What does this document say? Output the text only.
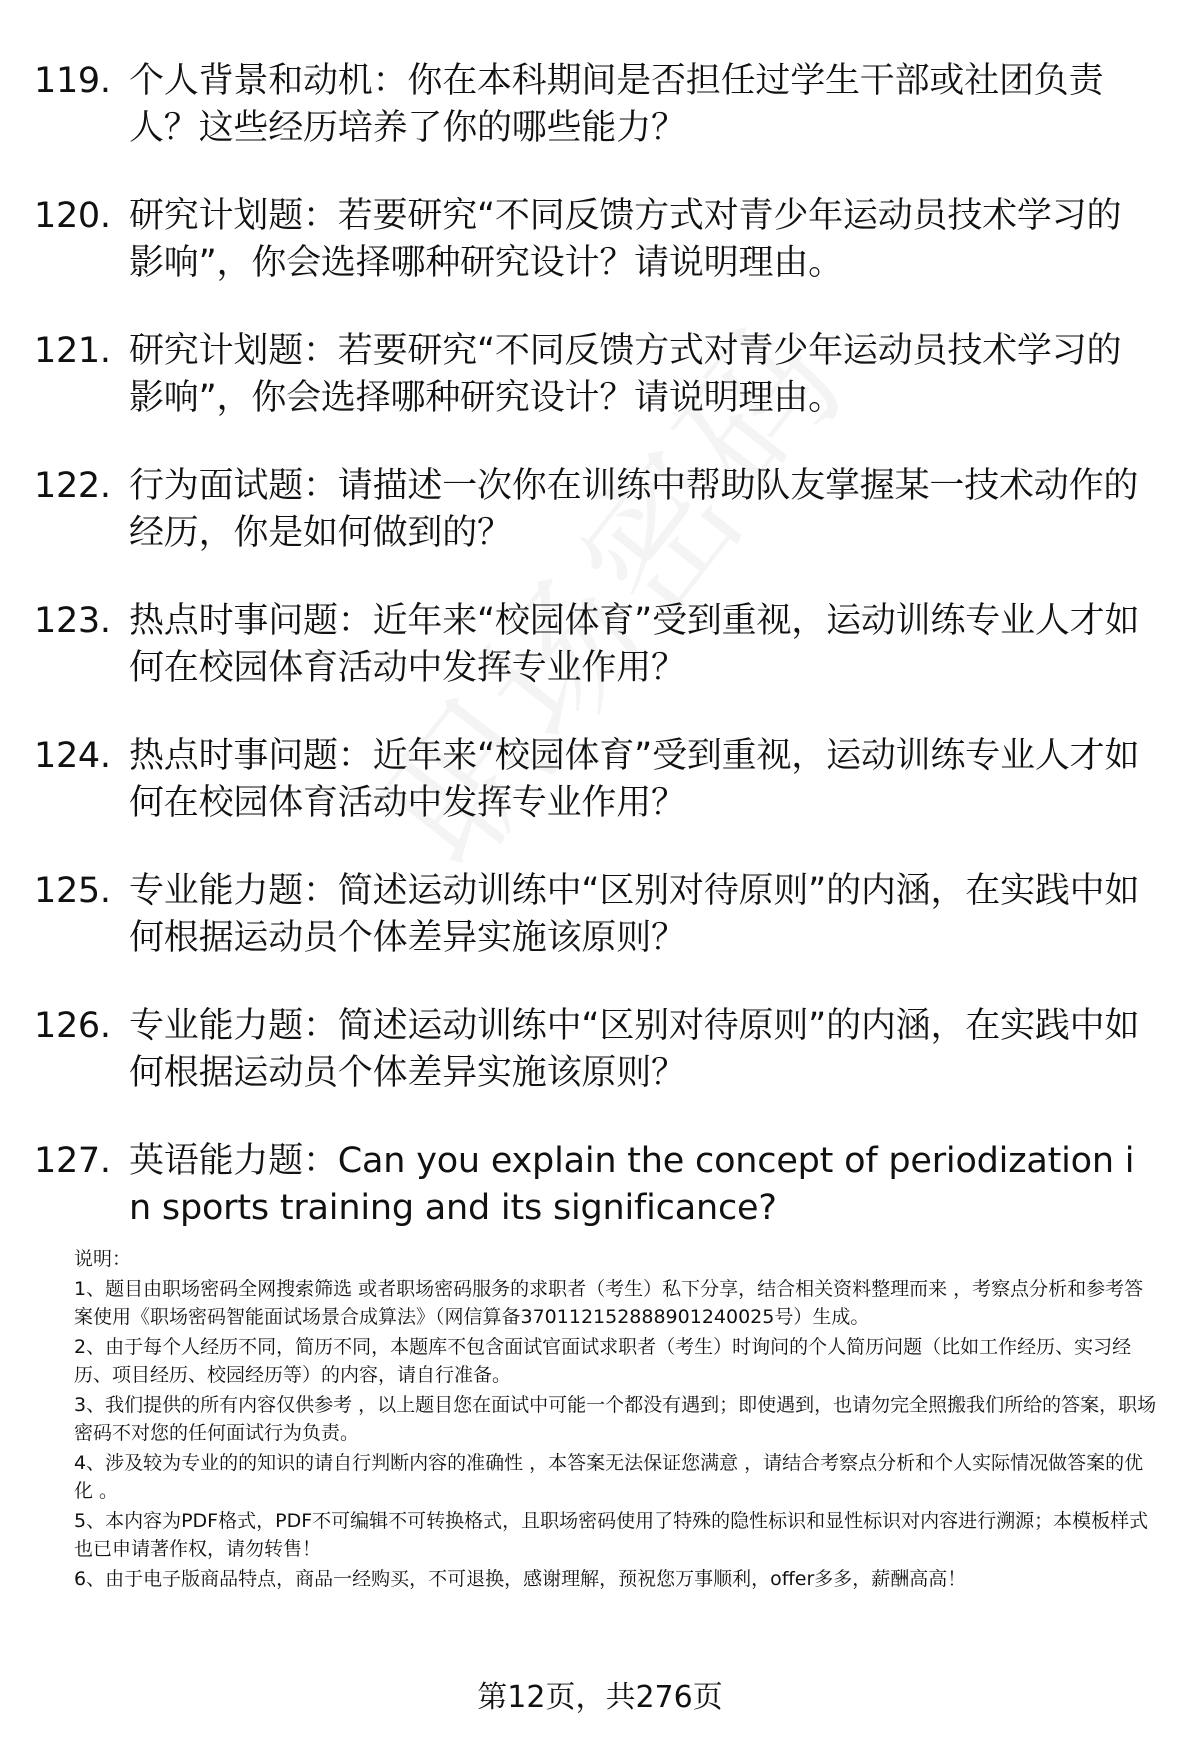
119. 个人背景和动机：你在本科期间是否担任过学生干部或社团负责人？这些经历培养了你的哪些能力？
120. 研究计划题：若要研究“不同反馈方式对青少年运动员技术学习的影响”，你会选择哪种研究设计？请说明理由。
121. 研究计划题：若要研究“不同反馈方式对青少年运动员技术学习的影响”，你会选择哪种研究设计？请说明理由。
122. 行为面试题：请描述一次你在训练中帮助队友掌握某一技术动作的经历，你是如何做到的？
123. 热点时事问题：近年来“校园体育”受到重视，运动训练专业人才如何在校园体育活动中发挥专业作用？
124. 热点时事问题：近年来“校园体育”受到重视，运动训练专业人才如何在校园体育活动中发挥专业作用？
125. 专业能力题：简述运动训练中“区别对待原则”的内涵，在实践中如何根据运动员个体差异实施该原则？
126. 专业能力题：简述运动训练中“区别对待原则”的内涵，在实践中如何根据运动员个体差异实施该原则？
127. 英语能力题：Can you explain the concept of periodization in sports training and its significance?
说明：
1、题目由职场密码全网搜索筛选 或者职场密码服务的求职者（考生）私下分享，结合相关资料整理而来 ，考察点分析和参考答案使用《职场密码智能面试场景合成算法》（网信算备370112152888901240025号）生成。
2、由于每个人经历不同，简历不同，本题库不包含面试官面试求职者（考生）时询问的个人简历问题（比如工作经历、实习经历、项目经历、校园经历等）的内容，请自行准备。
3、我们提供的所有内容仅供参考 ，以上题目您在面试中可能一个都没有遇到；即使遇到，也请勿完全照搬我们所给的答案，职场密码不对您的任何面试行为负责。
4、涉及较为专业的的知识的请自行判断内容的准确性 ，本答案无法保证您满意 ，请结合考察点分析和个人实际情况做答案的优化 。
5、本内容为PDF格式，PDF不可编辑不可转换格式，且职场密码使用了特殊的隐性标识和显性标识对内容进行溯源；本模板样式也已申请著作权，请勿转售！
6、由于电子版商品特点，商品一经购买，不可退换，感谢理解，预祝您万事顺利，offer多多，薪酬高高！
第12页，共276页
